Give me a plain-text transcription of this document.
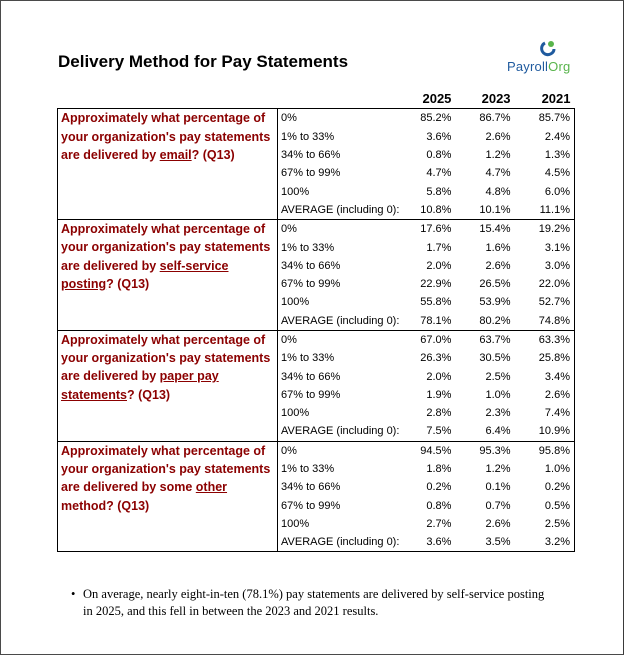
Delivery Method for Pay Statements	PayrollOrg
		2025	2023	2021
Approximately what percentage of your organization's pay statements are delivered by email? (Q13)	0%	85.2%	86.7%	85.7%
	1% to 33%	3.6%	2.6%	2.4%
	34% to 66%	0.8%	1.2%	1.3%
	67% to 99%	4.7%	4.7%	4.5%
	100%	5.8%	4.8%	6.0%
	AVERAGE (including 0):	10.8%	10.1%	11.1%
Approximately what percentage of your organization's pay statements are delivered by self-service posting? (Q13)	0%	17.6%	15.4%	19.2%
	1% to 33%	1.7%	1.6%	3.1%
	34% to 66%	2.0%	2.6%	3.0%
	67% to 99%	22.9%	26.5%	22.0%
	100%	55.8%	53.9%	52.7%
	AVERAGE (including 0):	78.1%	80.2%	74.8%
Approximately what percentage of your organization's pay statements are delivered by paper pay statements? (Q13)	0%	67.0%	63.7%	63.3%
	1% to 33%	26.3%	30.5%	25.8%
	34% to 66%	2.0%	2.5%	3.4%
	67% to 99%	1.9%	1.0%	2.6%
	100%	2.8%	2.3%	7.4%
	AVERAGE (including 0):	7.5%	6.4%	10.9%
Approximately what percentage of your organization's pay statements are delivered by some other method? (Q13)	0%	94.5%	95.3%	95.8%
	1% to 33%	1.8%	1.2%	1.0%
	34% to 66%	0.2%	0.1%	0.2%
	67% to 99%	0.8%	0.7%	0.5%
	100%	2.7%	2.6%	2.5%
	AVERAGE (including 0):	3.6%	3.5%	3.2%
• On average, nearly eight-in-ten (78.1%) pay statements are delivered by self-service posting in 2025, and this fell in between the 2023 and 2021 results.
